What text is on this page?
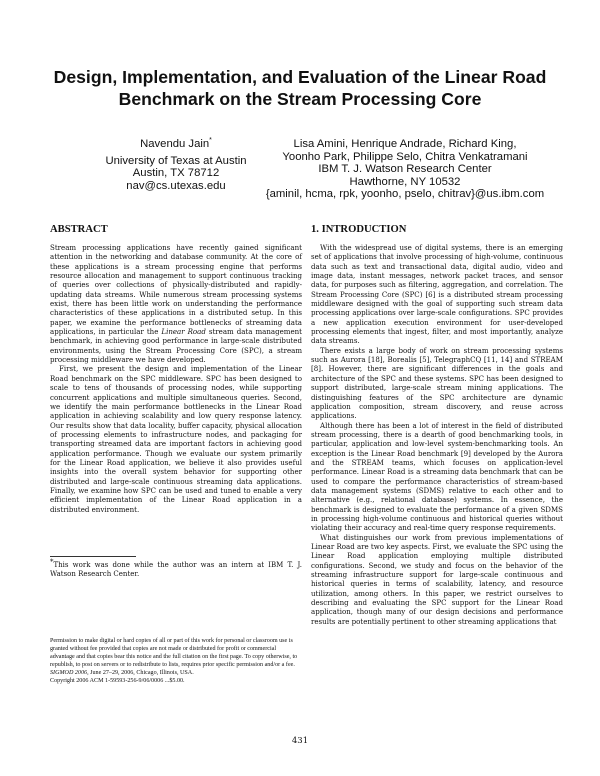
Design, Implementation, and Evaluation of the Linear Road
Benchmark on the Stream Processing Core
Navendu Jain*
University of Texas at Austin
Austin, TX 78712
nav@cs.utexas.edu
Lisa Amini, Henrique Andrade, Richard King,
Yoonho Park, Philippe Selo, Chitra Venkatramani
IBM T. J. Watson Research Center
Hawthorne, NY 10532
{aminil, hcma, rpk, yoonho, pselo, chitrav}@us.ibm.com
ABSTRACT

Stream processing applications have recently gained significant attention in the networking and database community. At the core of these applications is a stream processing engine that performs resource allocation and management to support continuous tracking of queries over collections of physically-distributed and rapidly-updating data streams. While numerous stream processing systems exist, there has been little work on understanding the performance characteristics of these applications in a distributed setup. In this paper, we examine the performance bottlenecks of streaming data applications, in particular the Linear Road stream data management benchmark, in achieving good performance in large-scale distributed environments, using the Stream Processing Core (SPC), a stream processing middleware we have developed.

First, we present the design and implementation of the Linear Road benchmark on the SPC middleware. SPC has been designed to scale to tens of thousands of processing nodes, while supporting concurrent applications and multiple simultaneous queries. Second, we identify the main performance bottlenecks in the Linear Road application in achieving scalability and low query response latency. Our results show that data locality, buffer capacity, physical allocation of processing elements to infrastructure nodes, and packaging for transporting streamed data are important factors in achieving good application performance. Though we evaluate our system primarily for the Linear Road application, we believe it also provides useful insights into the overall system behavior for supporting other distributed and large-scale continuous streaming data applications. Finally, we examine how SPC can be used and tuned to enable a very efficient implementation of the Linear Road application in a distributed environment.

*This work was done while the author was an intern at IBM T. J. Watson Research Center.
Permission to make digital or hard copies of all or part of this work for personal or classroom use is granted without fee provided that copies are not made or distributed for profit or commercial advantage and that copies bear this notice and the full citation on the first page. To copy otherwise, to republish, to post on servers or to redistribute to lists, requires prior specific permission and/or a fee.
SIGMOD 2006, June 27–29, 2006, Chicago, Illinois, USA.
Copyright 2006 ACM 1-59593-256-9/06/0006 ...$5.00.
1. INTRODUCTION

With the widespread use of digital systems, there is an emerging set of applications that involve processing of high-volume, continuous data such as text and transactional data, digital audio, video and image data, instant messages, network packet traces, and sensor data, for purposes such as filtering, aggregation, and correlation. The Stream Processing Core (SPC) [6] is a distributed stream processing middleware designed with the goal of supporting such stream data processing applications over large-scale configurations. SPC provides a new application execution environment for user-developed processing elements that ingest, filter, and most importantly, analyze data streams.

There exists a large body of work on stream processing systems such as Aurora [18], Borealis [5], TelegraphCQ [11, 14] and STREAM [8]. However, there are significant differences in the goals and architecture of the SPC and these systems. SPC has been designed to support distributed, large-scale stream mining applications. The distinguishing features of the SPC architecture are dynamic application composition, stream discovery, and reuse across applications.

Although there has been a lot of interest in the field of distributed stream processing, there is a dearth of good benchmarking tools, in particular, application and low-level system-benchmarking tools. An exception is the Linear Road benchmark [9] developed by the Aurora and the STREAM teams, which focuses on application-level performance. Linear Road is a streaming data benchmark that can be used to compare the performance characteristics of stream-based data management systems (SDMS) relative to each other and to alternative (e.g., relational database) systems. In essence, the benchmark is designed to evaluate the performance of a given SDMS in processing high-volume continuous and historical queries without violating their accuracy and real-time query response requirements.

What distinguishes our work from previous implementations of Linear Road are two key aspects. First, we evaluate the SPC using the Linear Road application employing multiple distributed configurations. Second, we study and focus on the behavior of the streaming infrastructure support for large-scale continuous and historical queries in terms of scalability, latency, and resource utilization, among others. In this paper, we restrict ourselves to describing and evaluating the SPC support for the Linear Road application, though many of our design decisions and performance results are potentially pertinent to other streaming applications that

431
